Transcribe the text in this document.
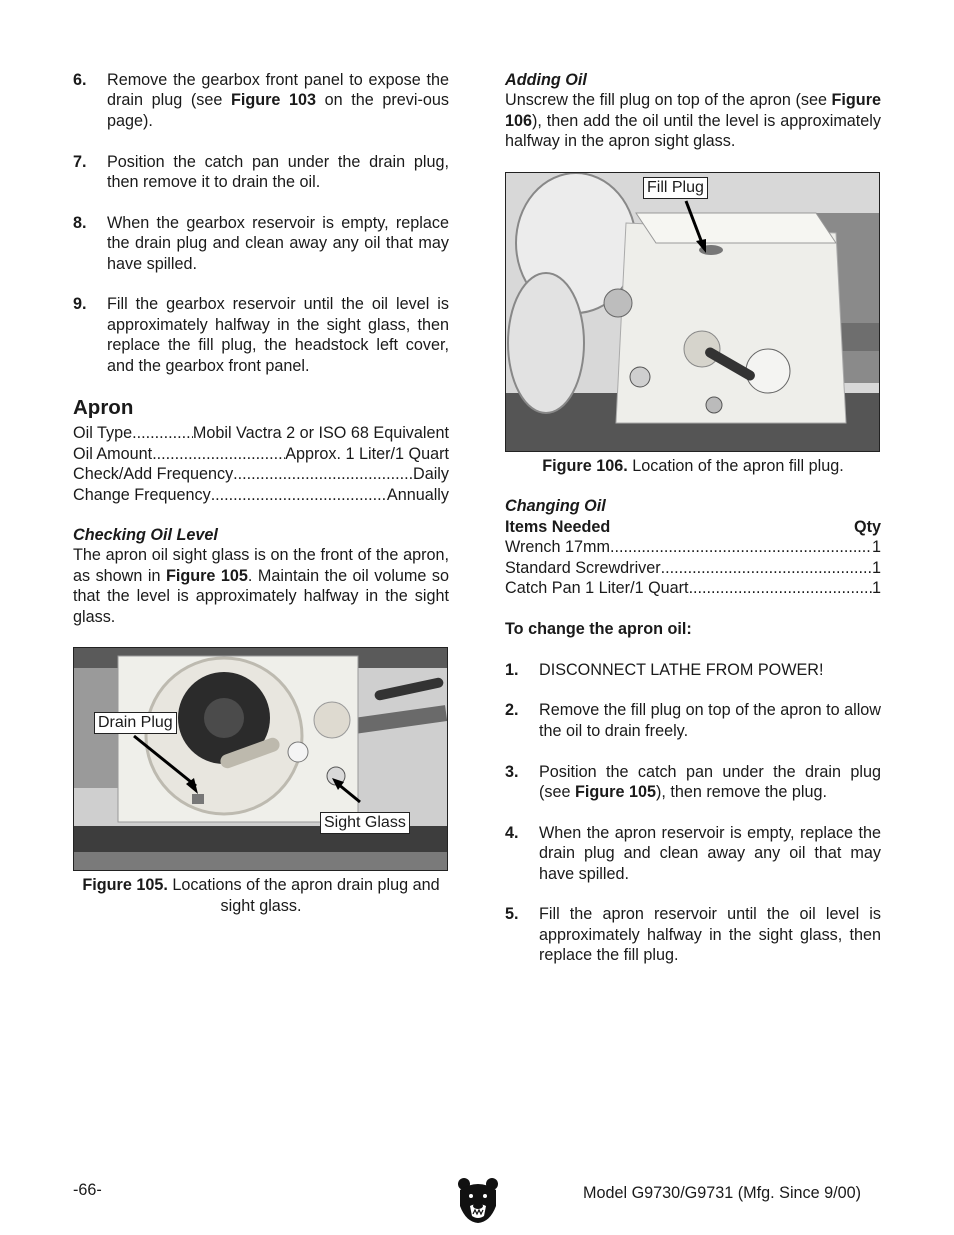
6.	Remove the gearbox front panel to expose the drain plug (see Figure 103 on the previ-ous page).
7.	Position the catch pan under the drain plug, then remove it to drain the oil.
8.	When the gearbox reservoir is empty, replace the drain plug and clean away any oil that may have spilled.
9.	Fill the gearbox reservoir until the oil level is approximately halfway in the sight glass, then replace the fill plug, the headstock left cover, and the gearbox front panel.
Apron
Oil Type .....	Mobil Vactra 2 or ISO 68 Equivalent
Oil Amount .....	Approx. 1 Liter/1 Quart
Check/Add Frequency .....	Daily
Change Frequency .....	Annually

Checking Oil Level

The apron oil sight glass is on the front of the apron, as shown in Figure 105. Maintain the oil volume so that the level is approximately halfway in the sight glass.

Drain Plug
Sight Glass
Figure 105. Locations of the apron drain plug and sight glass.

Adding Oil

Unscrew the fill plug on top of the apron (see Figure 106), then add the oil until the level is approximately halfway in the apron sight glass.

Fill Plug
Figure 106. Location of the apron fill plug.

Changing Oil

Items Needed	Qty
Wrench 17mm .....	1
Standard Screwdriver .....	1
Catch Pan 1 Liter/1 Quart .....	1

To change the apron oil:

1.	DISCONNECT LATHE FROM POWER!
2.	Remove the fill plug on top of the apron to allow the oil to drain freely.
3.	Position the catch pan under the drain plug (see Figure 105), then remove the plug.
4.	When the apron reservoir is empty, replace the drain plug and clean away any oil that may have spilled.
5.	Fill the apron reservoir until the oil level is approximately halfway in the sight glass, then replace the fill plug.
-66-	Model G9730/G9731 (Mfg. Since 9/00)
